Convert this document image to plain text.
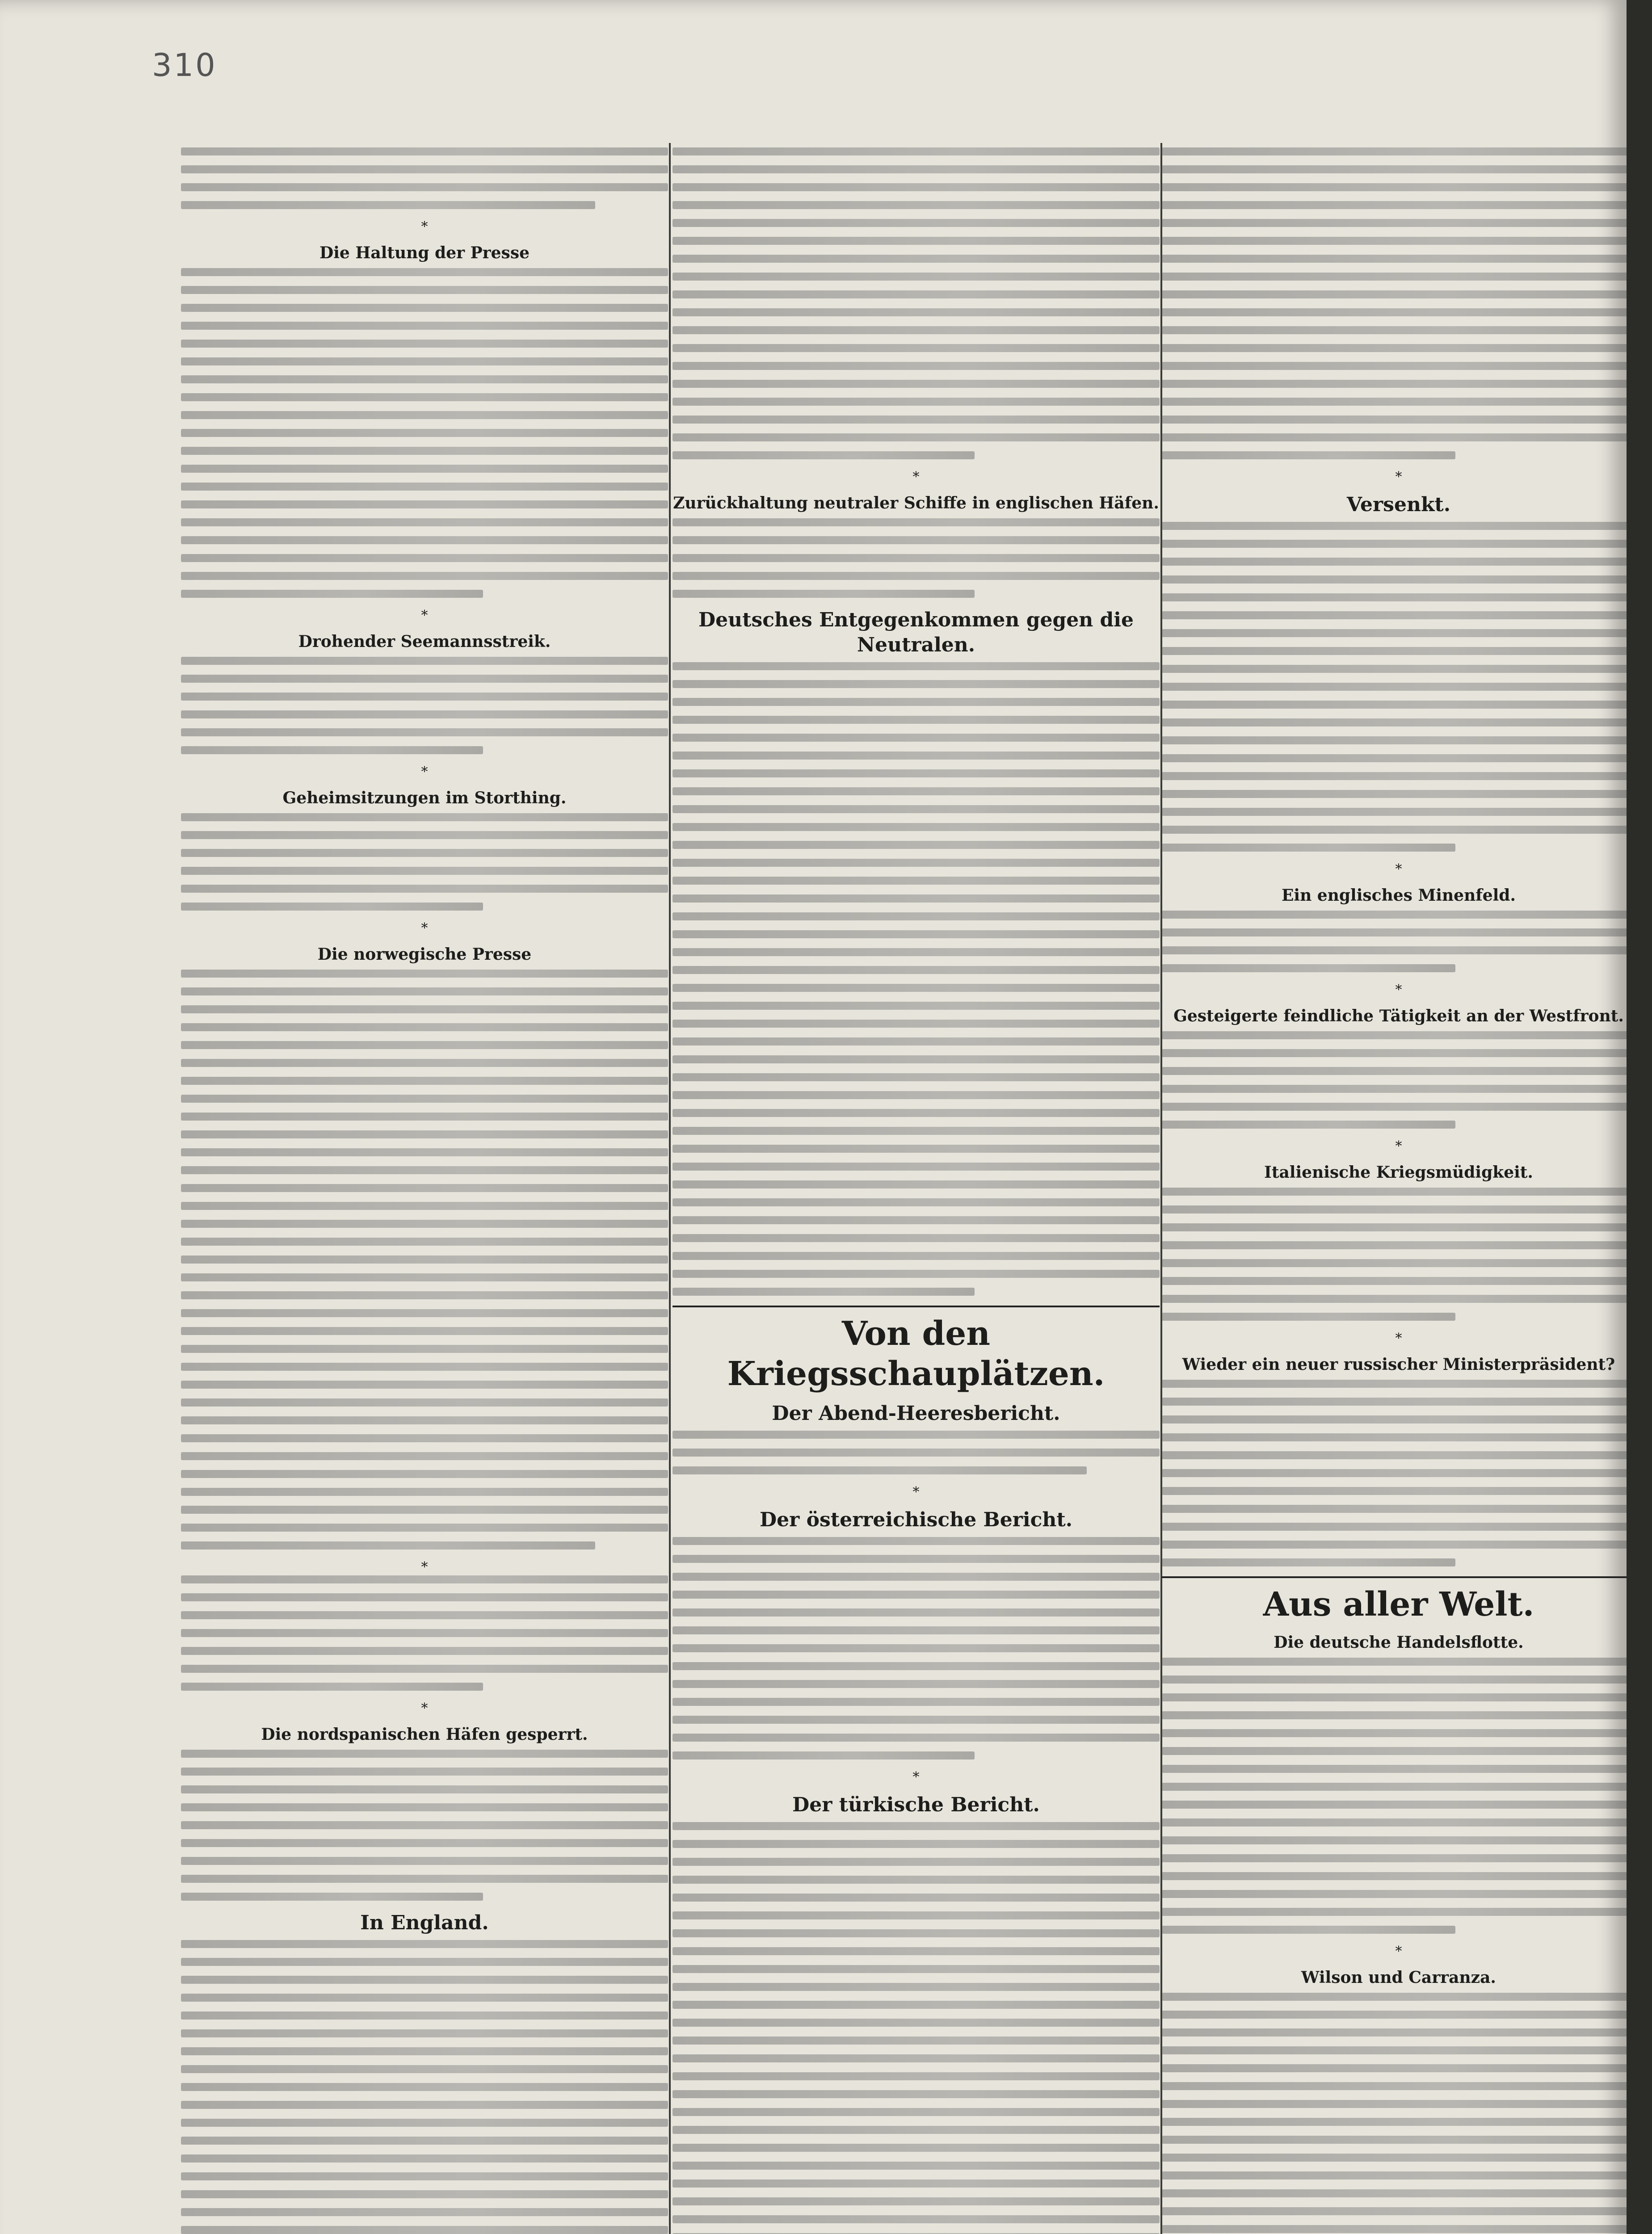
310
*
Die Haltung der Presse
*
Drohender Seemannsstreik.
*
Geheimsitzungen im Storthing.
*
Die norwegische Presse
*
*
Die nordspanischen Häfen gesperrt.
In England.
*
Zurückhaltung neutraler Schiffe in englischen Häfen.
Deutsches Entgegenkommen gegen die Neutralen.
Von den Kriegsschauplätzen.
Der Abend-Heeresbericht.
*
Der österreichische Bericht.
*
Der türkische Bericht.
*
Versenkt.
*
Ein englisches Minenfeld.
*
Gesteigerte feindliche Tätigkeit an der Westfront.
*
Italienische Kriegsmüdigkeit.
*
Wieder ein neuer russischer Ministerpräsident?
Aus aller Welt.
Die deutsche Handelsflotte.
*
Wilson und Carranza.
